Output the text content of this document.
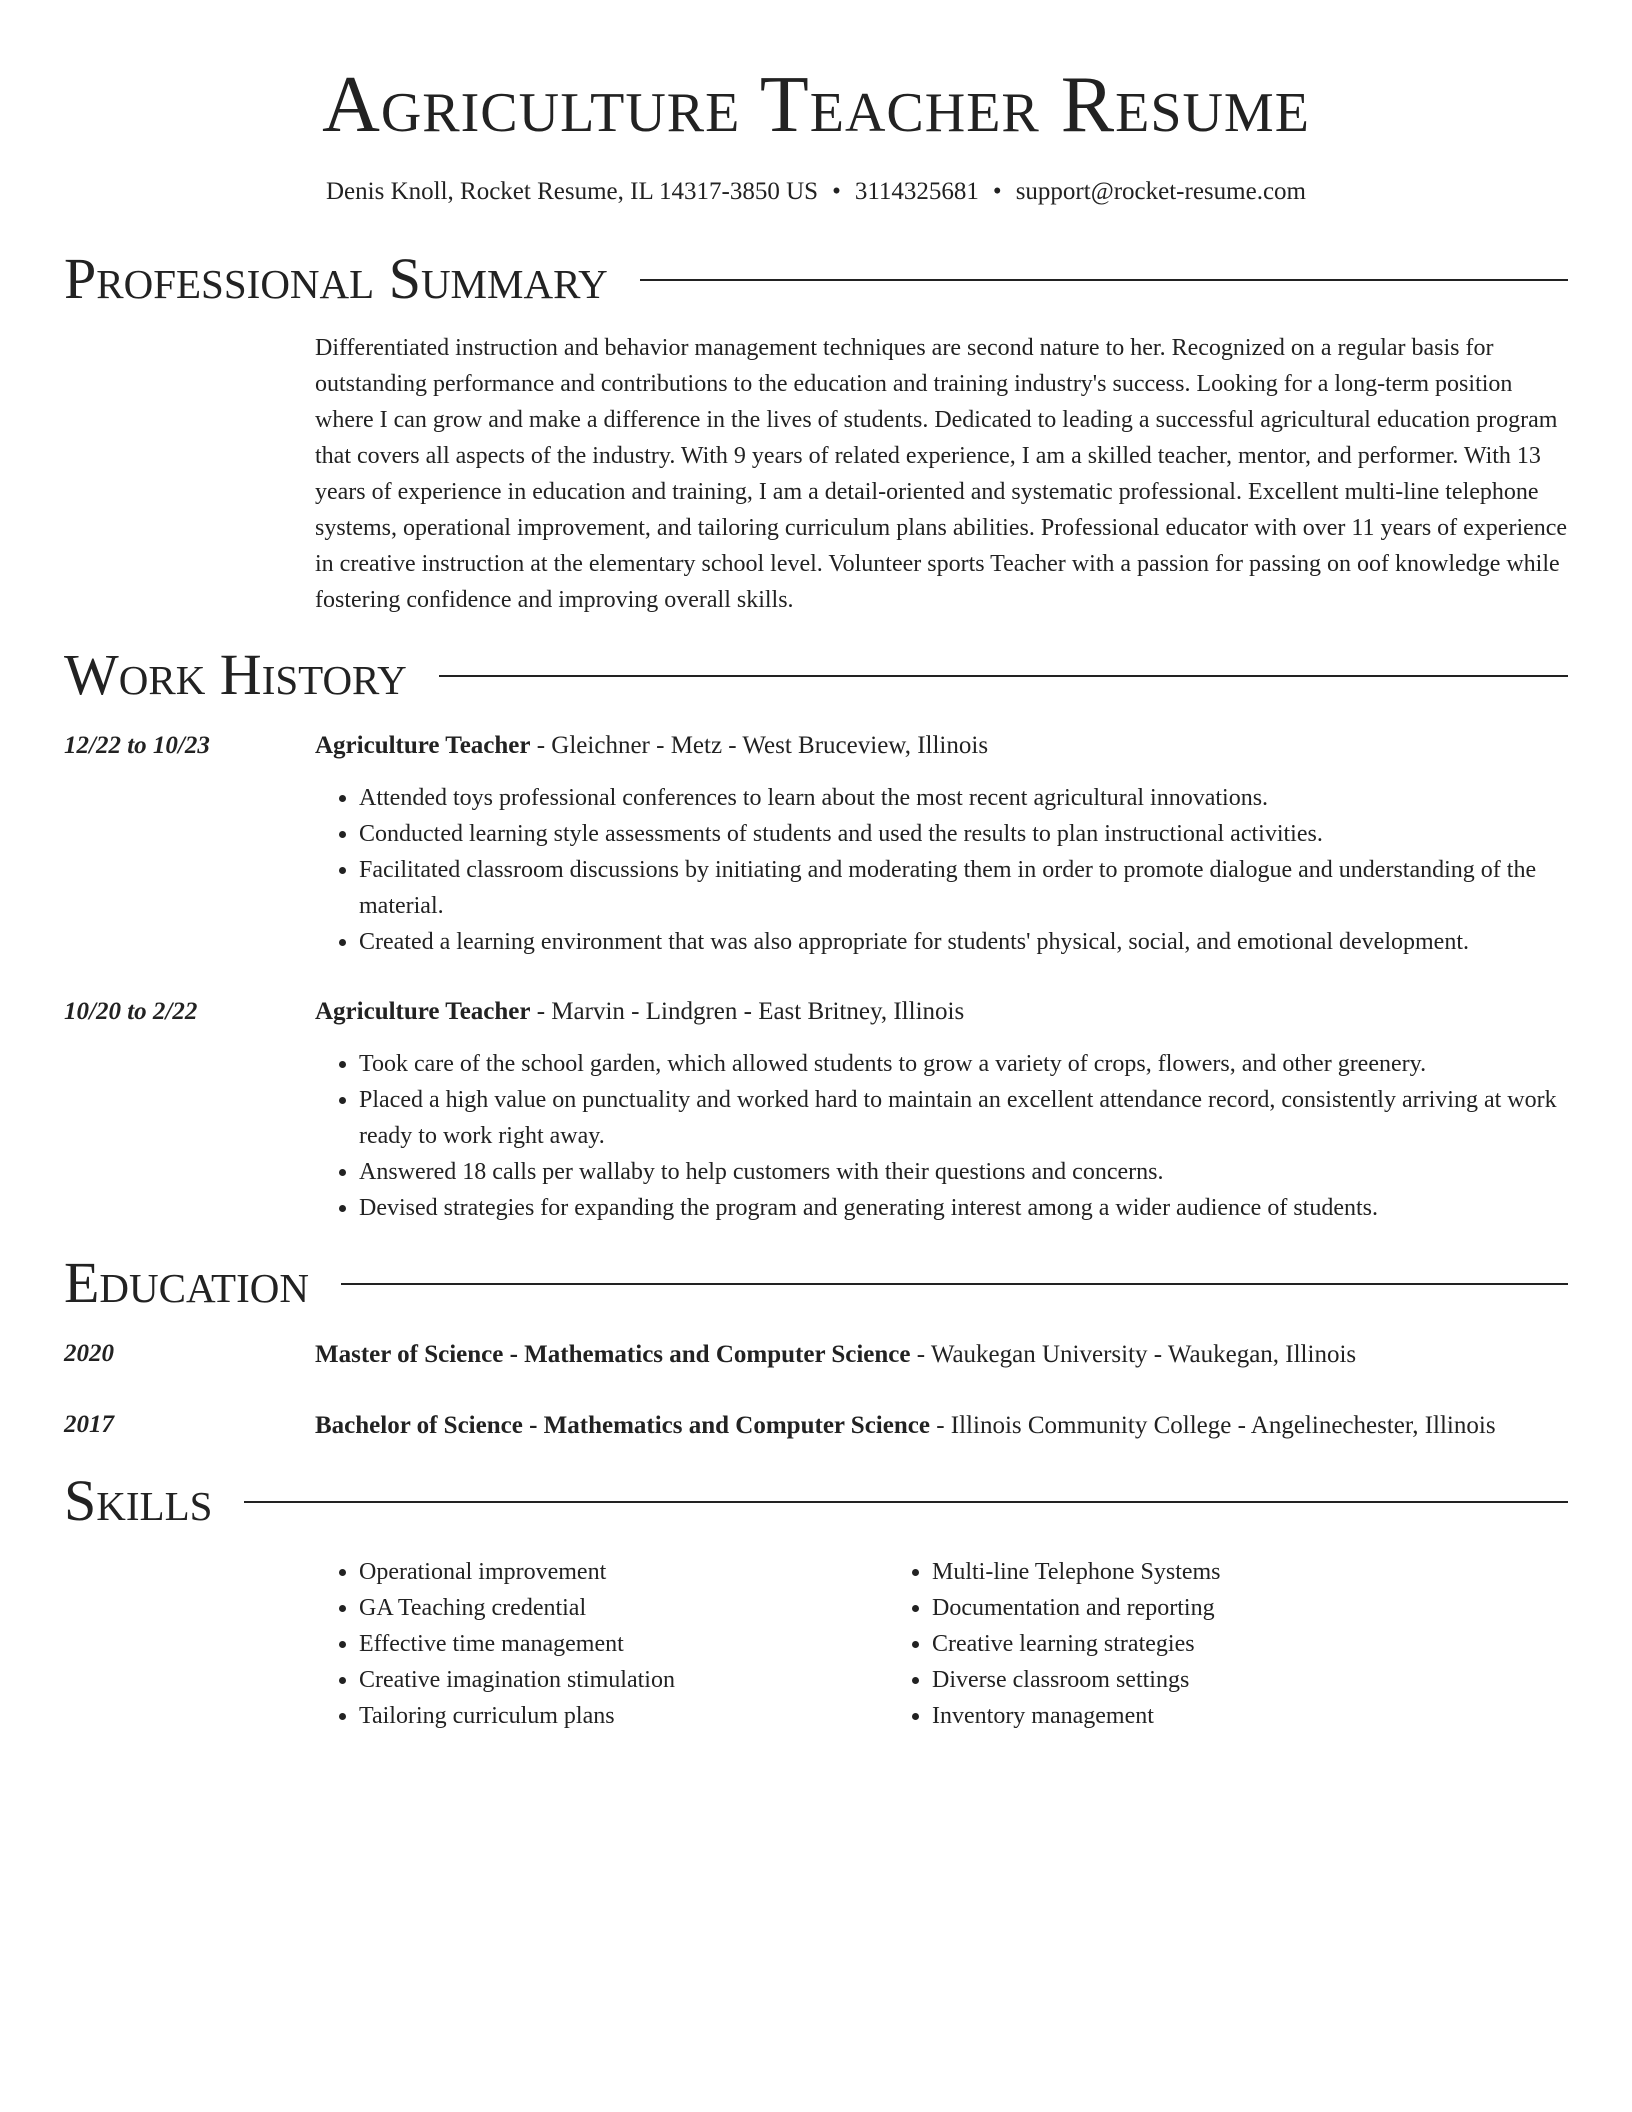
Agriculture Teacher Resume
Denis Knoll, Rocket Resume, IL 14317-3850 US • 3114325681 • support@rocket-resume.com
Professional Summary
Differentiated instruction and behavior management techniques are second nature to her. Recognized on a regular basis for outstanding performance and contributions to the education and training industry's success. Looking for a long-term position where I can grow and make a difference in the lives of students. Dedicated to leading a successful agricultural education program that covers all aspects of the industry. With 9 years of related experience, I am a skilled teacher, mentor, and performer. With 13 years of experience in education and training, I am a detail-oriented and systematic professional. Excellent multi-line telephone systems, operational improvement, and tailoring curriculum plans abilities. Professional educator with over 11 years of experience in creative instruction at the elementary school level. Volunteer sports Teacher with a passion for passing on oof knowledge while fostering confidence and improving overall skills.
Work History
12/22 to 10/23	Agriculture Teacher - Gleichner - Metz - West Bruceview, Illinois
• Attended toys professional conferences to learn about the most recent agricultural innovations.
• Conducted learning style assessments of students and used the results to plan instructional activities.
• Facilitated classroom discussions by initiating and moderating them in order to promote dialogue and understanding of the material.
• Created a learning environment that was also appropriate for students' physical, social, and emotional development.
10/20 to 2/22	Agriculture Teacher - Marvin - Lindgren - East Britney, Illinois
• Took care of the school garden, which allowed students to grow a variety of crops, flowers, and other greenery.
• Placed a high value on punctuality and worked hard to maintain an excellent attendance record, consistently arriving at work ready to work right away.
• Answered 18 calls per wallaby to help customers with their questions and concerns.
• Devised strategies for expanding the program and generating interest among a wider audience of students.
Education
2020	Master of Science - Mathematics and Computer Science - Waukegan University - Waukegan, Illinois
2017	Bachelor of Science - Mathematics and Computer Science - Illinois Community College - Angelinechester, Illinois
Skills
• Operational improvement
• GA Teaching credential
• Effective time management
• Creative imagination stimulation
• Tailoring curriculum plans
• Multi-line Telephone Systems
• Documentation and reporting
• Creative learning strategies
• Diverse classroom settings
• Inventory management
